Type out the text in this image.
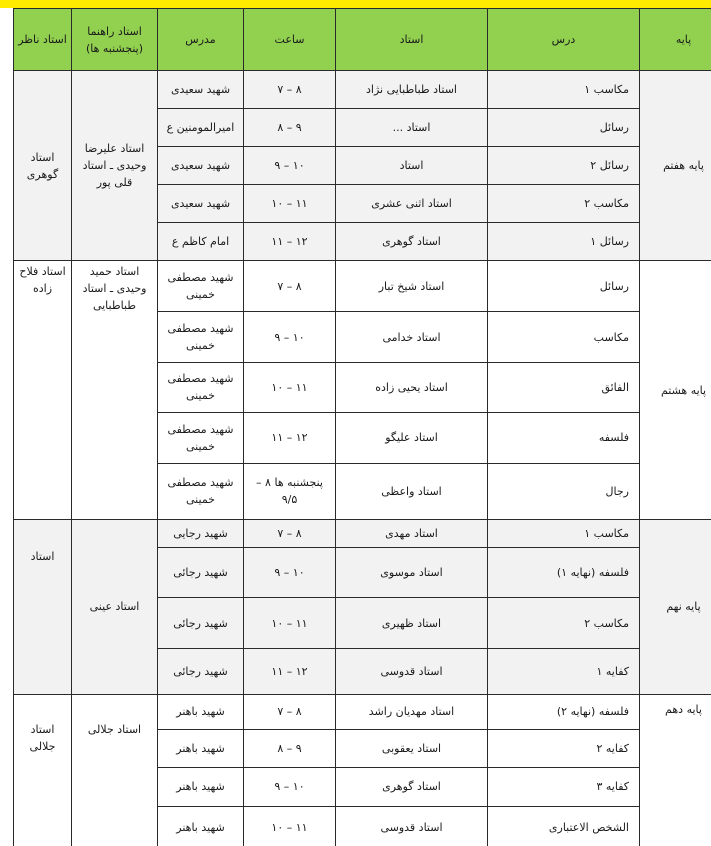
پایه	درس	استاد	ساعت	مدرس	استاد راهنما (پنجشنبه ها)	استاد ناظر
پایه هفتم	مکاسب ۱	استاد طباطبایی نژاد	۸ – ۷	شهید سعیدی	استاد علیرضا وحیدی ـ استاد قلی پور	استاد گوهری
	رسائل	استاد ...	۹ – ۸	امیرالمومنین ع		
	رسائل ۲	استاد	۱۰ – ۹	شهید سعیدی		
	مکاسب ۲	استاد اثنی عشری	۱۱ – ۱۰	شهید سعیدی		
	رسائل ۱	استاد گوهری	۱۲ – ۱۱	امام کاظم ع		
پایه هشتم	رسائل	استاد شیخ تبار	۸ – ۷	شهید مصطفی خمینی	استاد حمید وحیدی ـ استاد طباطبایی	استاد فلاح زاده
	مکاسب	استاد خدامی	۱۰ – ۹	شهید مصطفی خمینی		
	الفائق	استاد یحیی زاده	۱۱ – ۱۰	شهید مصطفی خمینی		
	فلسفه	استاد علیگو	۱۲ – ۱۱	شهید مصطفی خمینی		
	رجال	استاد واعظی	پنجشنبه ها ۸ – ۹/۵	شهید مصطفی خمینی		
پایه نهم	مکاسب ۱	استاد مهدی	۸ – ۷	شهید رجایی	استاد عینی	استاد
	فلسفه (نهایه ۱)	استاد موسوی	۱۰ – ۹	شهید رجائی		
	مکاسب ۲	استاد ظهیری	۱۱ – ۱۰	شهید رجائی		
	کفایه ۱	استاد قدوسی	۱۲ – ۱۱	شهید رجائی		
پایه دهم	فلسفه (نهایه ۲)	استاد مهدیان راشد	۸ – ۷	شهید باهنر	استاد جلالی	استاد جلالی
	کفایه ۲	استاد یعقوبی	۹ – ۸	شهید باهنر		
	کفایه ۳	استاد گوهری	۱۰ – ۹	شهید باهنر		
	الشخص الاعتباری	استاد قدوسی	۱۱ – ۱۰	شهید باهنر		
